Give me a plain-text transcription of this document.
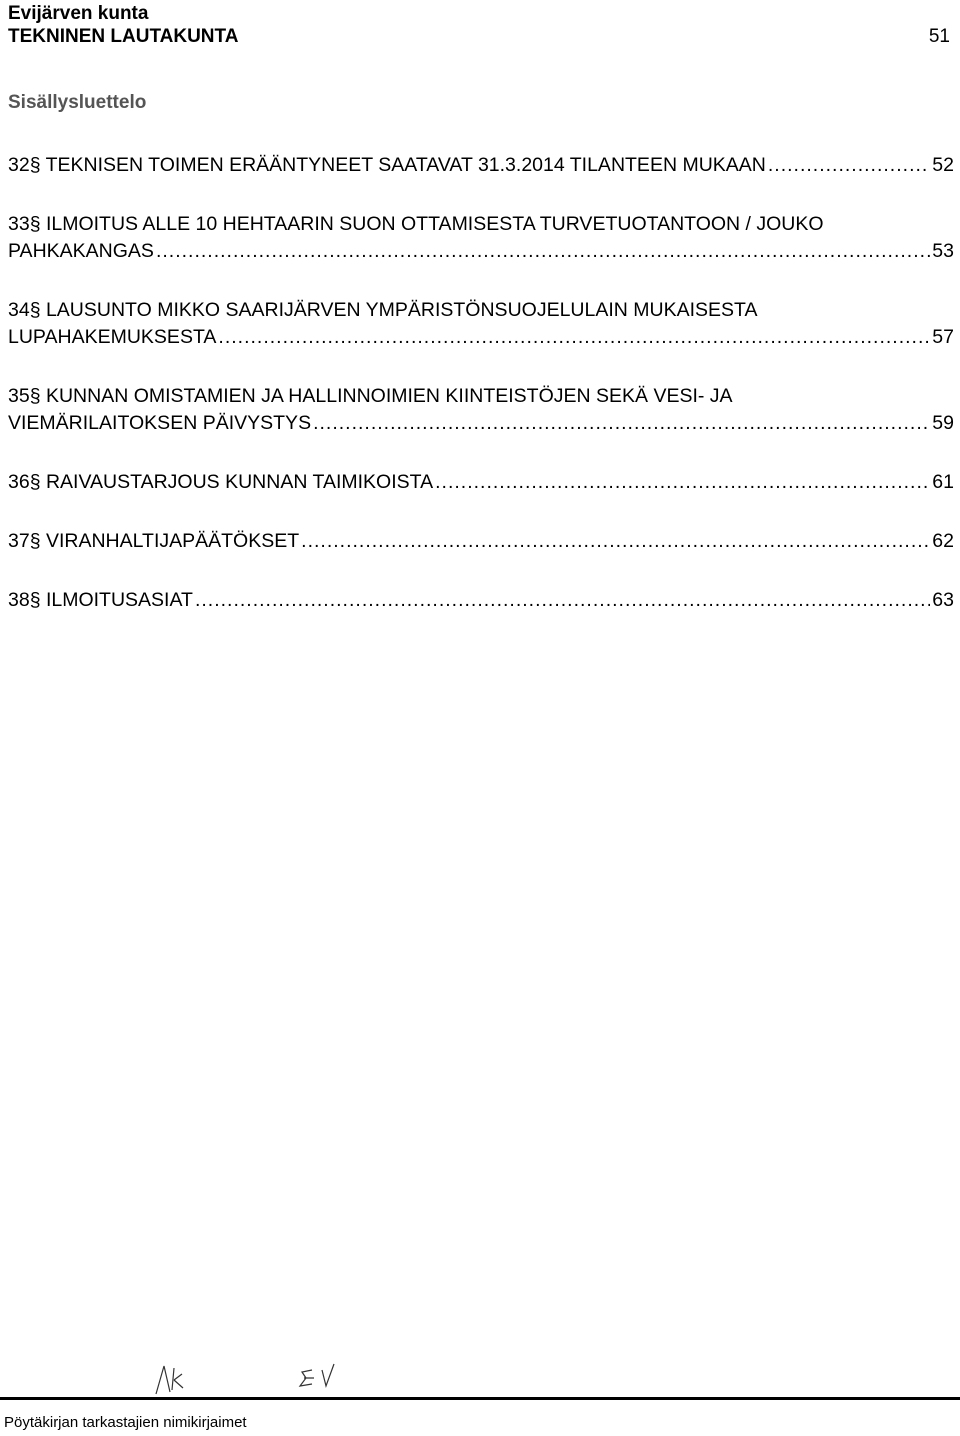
Evijärven kunta
TEKNINEN LAUTAKUNTA	51
Sisällysluettelo
32§ TEKNISEN TOIMEN ERÄÄNTYNEET SAATAVAT 31.3.2014 TILANTEEN MUKAAN .....	52
33§ ILMOITUS ALLE 10 HEHTAARIN SUON OTTAMISESTA TURVETUOTANTOON / JOUKO
PAHKAKANGAS .....	53
34§ LAUSUNTO MIKKO SAARIJÄRVEN YMPÄRISTÖNSUOJELULAIN MUKAISESTA
LUPAHAKEMUKSESTA .....	57
35§ KUNNAN OMISTAMIEN JA HALLINNOIMIEN KIINTEISTÖJEN SEKÄ VESI- JA
VIEMÄRILAITOKSEN PÄIVYSTYS .....	59
36§ RAIVAUSTARJOUS KUNNAN TAIMIKOISTA .....	61
37§ VIRANHALTIJAPÄÄTÖKSET .....	62
38§ ILMOITUSASIAT .....	63
Pöytäkirjan tarkastajien nimikirjaimet
